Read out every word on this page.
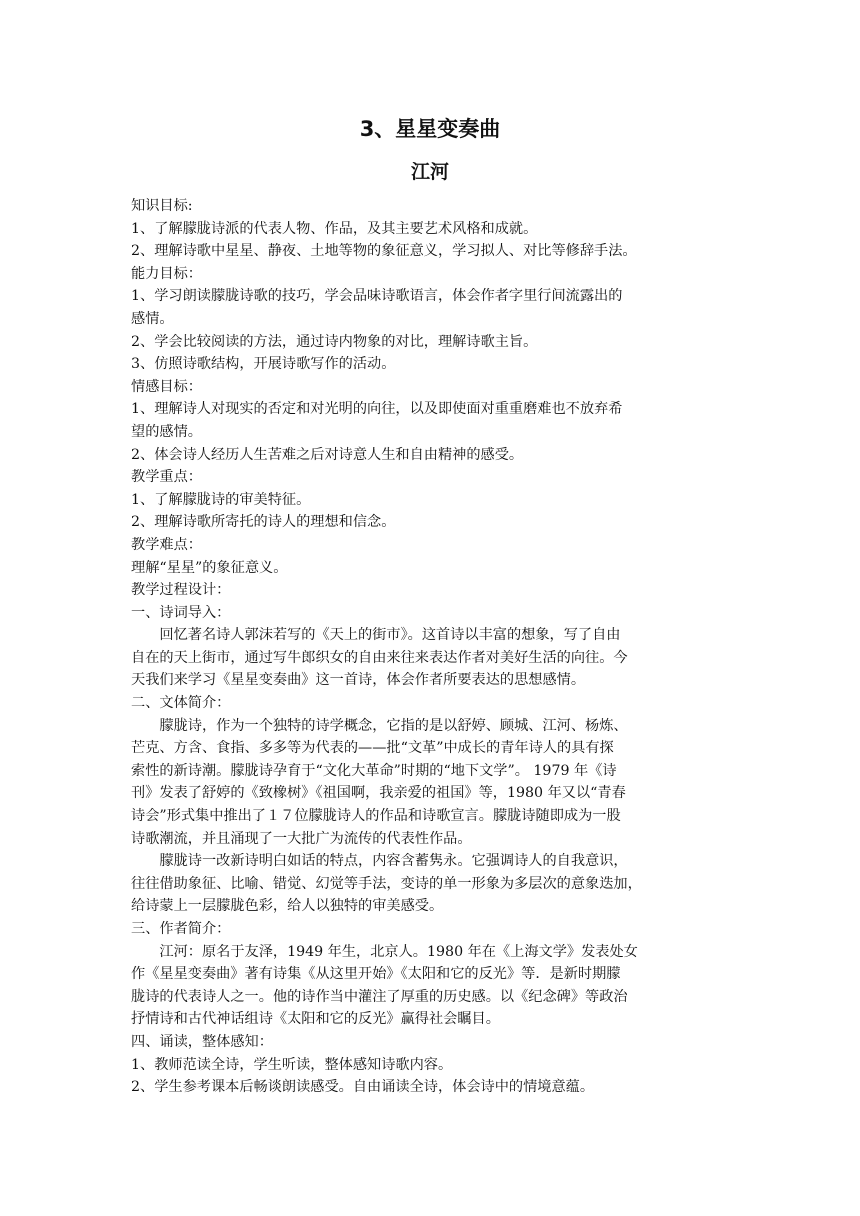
3、星星变奏曲
江河

知识目标:

1、了解朦胧诗派的代表人物、作品，及其主要艺术风格和成就。

2、理解诗歌中星星、静夜、土地等物的象征意义，学习拟人、对比等修辞手法。

能力目标：

1、学习朗读朦胧诗歌的技巧，学会品味诗歌语言，体会作者字里行间流露出的

感情。

2、学会比较阅读的方法，通过诗内物象的对比，理解诗歌主旨。

3、仿照诗歌结构，开展诗歌写作的活动。

情感目标：

1、理解诗人对现实的否定和对光明的向往，以及即使面对重重磨难也不放弃希

望的感情。

2、体会诗人经历人生苦难之后对诗意人生和自由精神的感受。

教学重点：

1、了解朦胧诗的审美特征。

2、理解诗歌所寄托的诗人的理想和信念。

教学难点：

理解“星星”的象征意义。

教学过程设计：

一、诗词导入：

　　回忆著名诗人郭沫若写的《天上的街市》。这首诗以丰富的想象，写了自由

自在的天上街市，通过写牛郎织女的自由来往来表达作者对美好生活的向往。今

天我们来学习《星星变奏曲》这一首诗，体会作者所要表达的思想感情。

二、文体简介：

　　朦胧诗，作为一个独特的诗学概念，它指的是以舒婷、顾城、江河、杨炼、

芒克、方含、食指、多多等为代表的——批“文革”中成长的青年诗人的具有探

索性的新诗潮。朦胧诗孕育于“文化大革命”时期的“地下文学”。 1979 年《诗

刊》发表了舒婷的《致橡树》《祖国啊，我亲爱的祖国》等，1980 年又以“青春

诗会”形式集中推出了１７位朦胧诗人的作品和诗歌宣言。朦胧诗随即成为一股

诗歌潮流，并且涌现了一大批广为流传的代表性作品。

　　朦胧诗一改新诗明白如话的特点，内容含蓄隽永。它强调诗人的自我意识，

往往借助象征、比喻、错觉、幻觉等手法，变诗的单一形象为多层次的意象迭加，

给诗蒙上一层朦胧色彩，给人以独特的审美感受。

三、作者简介：

　　江河：原名于友泽，1949 年生，北京人。1980 年在《上海文学》发表处女

作《星星变奏曲》著有诗集《从这里开始》《太阳和它的反光》等．是新时期朦

胧诗的代表诗人之一。他的诗作当中灌注了厚重的历史感。以《纪念碑》等政治

抒情诗和古代神话组诗《太阳和它的反光》赢得社会瞩目。

四、诵读，整体感知：

1、教师范读全诗，学生听读，整体感知诗歌内容。

2、学生参考课本后畅谈朗读感受。自由诵读全诗，体会诗中的情境意蕴。
